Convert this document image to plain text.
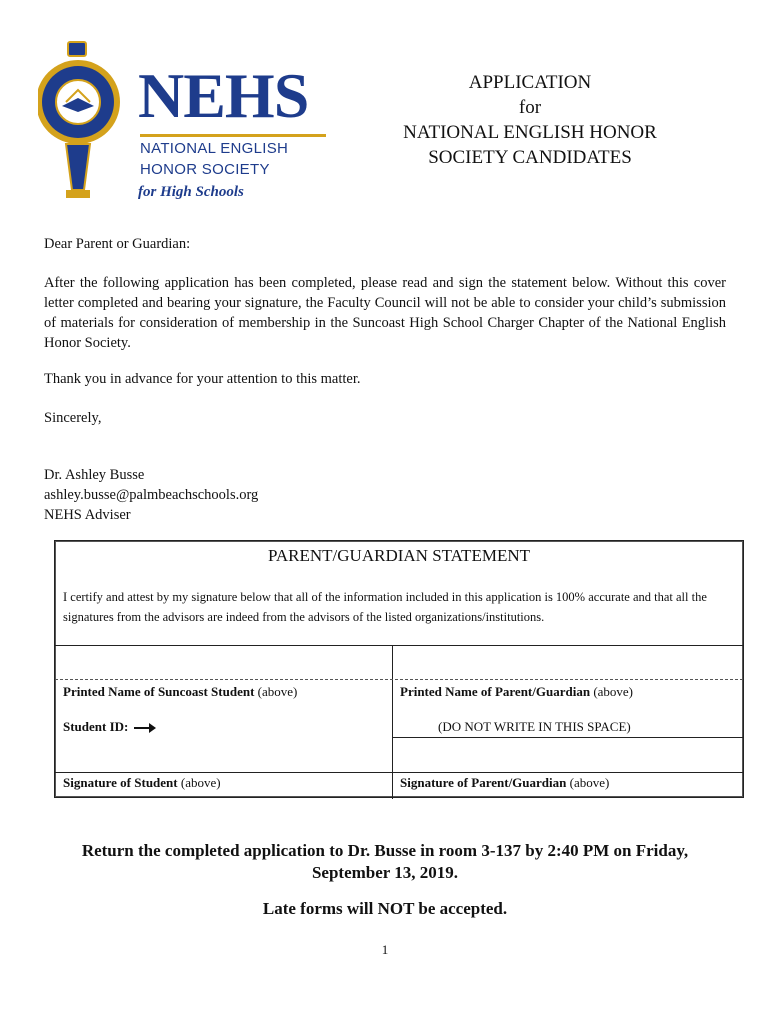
NEHS
NATIONAL ENGLISH
HONOR SOCIETY
for High Schools
APPLICATION
for
NATIONAL ENGLISH HONOR
SOCIETY CANDIDATES
Dear Parent or Guardian:
After the following application has been completed, please read and sign the statement below. Without this cover letter completed and bearing your signature, the Faculty Council will not be able to consider your child’s submission of materials for consideration of membership in the Suncoast High School Charger Chapter of the National English Honor Society.
Thank you in advance for your attention to this matter.
Sincerely,
Dr. Ashley Busse
ashley.busse@palmbeachschools.org
NEHS Adviser
PARENT/GUARDIAN STATEMENT
I certify and attest by my signature below that all of the information included in this application is 100% accurate and that all the signatures from the advisors are indeed from the advisors of the listed organizations/institutions.
Printed Name of Suncoast Student (above)	Printed Name of Parent/Guardian (above)
Student ID:	(DO NOT WRITE IN THIS SPACE)
Signature of Student (above)	Signature of Parent/Guardian (above)
Return the completed application to Dr. Busse in room 3-137 by 2:40 PM on Friday,
September 13, 2019.
Late forms will NOT be accepted.
1
